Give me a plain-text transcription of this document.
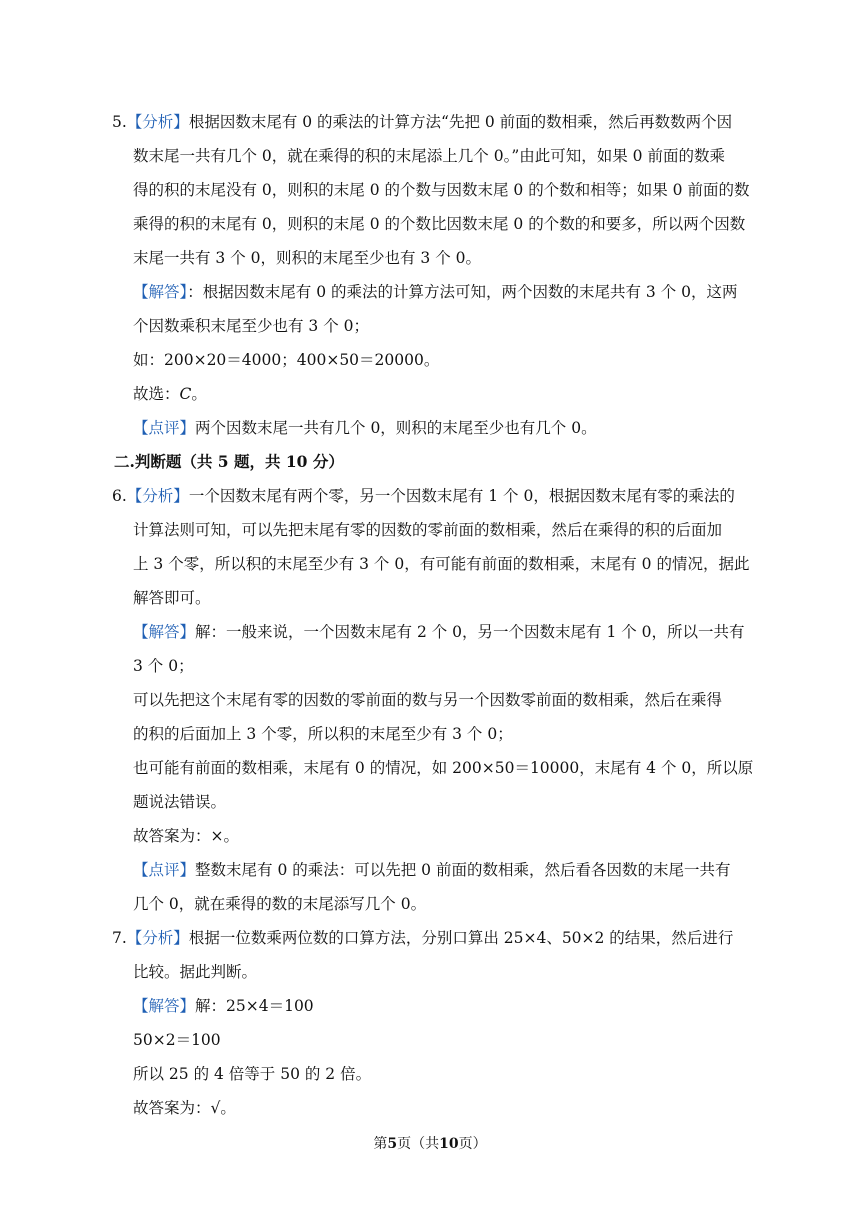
5.【分析】根据因数末尾有 0 的乘法的计算方法“先把 0 前面的数相乘，然后再数数两个因
数末尾一共有几个 0，就在乘得的积的末尾添上几个 0。”由此可知，如果 0 前面的数乘
得的积的末尾没有 0，则积的末尾 0 的个数与因数末尾 0 的个数和相等；如果 0 前面的数
乘得的积的末尾有 0，则积的末尾 0 的个数比因数末尾 0 的个数的和要多，所以两个因数
末尾一共有 3 个 0，则积的末尾至少也有 3 个 0。
【解答】：根据因数末尾有 0 的乘法的计算方法可知，两个因数的末尾共有 3 个 0，这两
个因数乘积末尾至少也有 3 个 0；
如：200×20＝4000；400×50＝20000。
故选：C。
【点评】两个因数末尾一共有几个 0，则积的末尾至少也有几个 0。
二.判断题（共 5 题，共 10 分）
6.【分析】一个因数末尾有两个零，另一个因数末尾有 1 个 0，根据因数末尾有零的乘法的
计算法则可知，可以先把末尾有零的因数的零前面的数相乘，然后在乘得的积的后面加
上 3 个零，所以积的末尾至少有 3 个 0，有可能有前面的数相乘，末尾有 0 的情况，据此
解答即可。
【解答】解：一般来说，一个因数末尾有 2 个 0，另一个因数末尾有 1 个 0，所以一共有
3 个 0；
可以先把这个末尾有零的因数的零前面的数与另一个因数零前面的数相乘，然后在乘得
的积的后面加上 3 个零，所以积的末尾至少有 3 个 0；
也可能有前面的数相乘，末尾有 0 的情况，如 200×50＝10000，末尾有 4 个 0，所以原
题说法错误。
故答案为：×。
【点评】整数末尾有 0 的乘法：可以先把 0 前面的数相乘，然后看各因数的末尾一共有
几个 0，就在乘得的数的末尾添写几个 0。
7.【分析】根据一位数乘两位数的口算方法，分别口算出 25×4、50×2 的结果，然后进行
比较。据此判断。
【解答】解：25×4＝100
50×2＝100
所以 25 的 4 倍等于 50 的 2 倍。
故答案为：√。
第5页（共10页）
